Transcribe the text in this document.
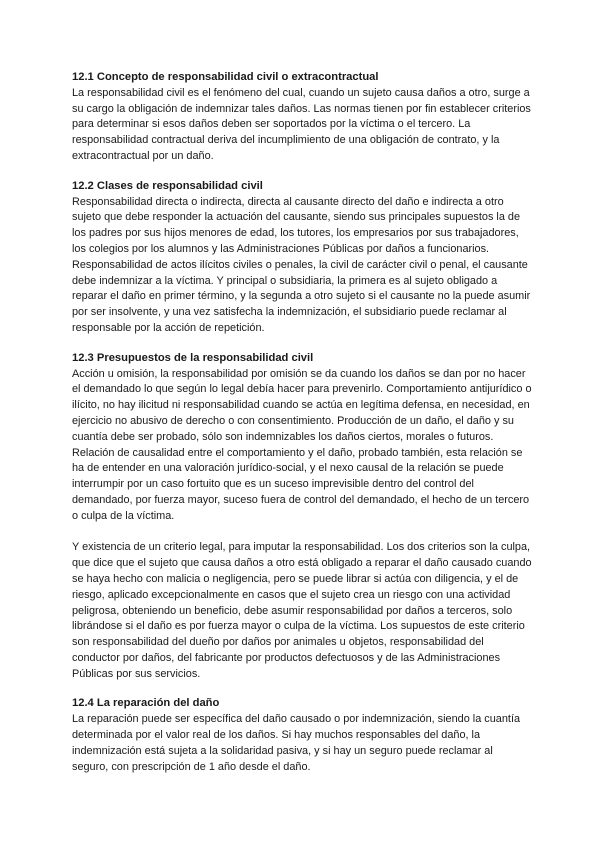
12.1 Concepto de responsabilidad civil o extracontractual

La responsabilidad civil es el fenómeno del cual, cuando un sujeto causa daños a otro, surge a su cargo la obligación de indemnizar tales daños. Las normas tienen por fin establecer criterios para determinar si esos daños deben ser soportados por la víctima o el tercero. La responsabilidad contractual deriva del incumplimiento de una obligación de contrato, y la extracontractual por un daño.

12.2 Clases de responsabilidad civil

Responsabilidad directa o indirecta, directa al causante directo del daño e indirecta a otro sujeto que debe responder la actuación del causante, siendo sus principales supuestos la de los padres por sus hijos menores de edad, los tutores, los empresarios por sus trabajadores, los colegios por los alumnos y las Administraciones Públicas por daños a funcionarios. Responsabilidad de actos ilícitos civiles o penales, la civil de carácter civil o penal, el causante debe indemnizar a la víctima. Y principal o subsidiaria, la primera es al sujeto obligado a reparar el daño en primer término, y la segunda a otro sujeto si el causante no la puede asumir por ser insolvente, y una vez satisfecha la indemnización, el subsidiario puede reclamar al responsable por la acción de repetición.

12.3 Presupuestos de la responsabilidad civil

Acción u omisión, la responsabilidad por omisión se da cuando los daños se dan por no hacer el demandado lo que según lo legal debía hacer para prevenirlo. Comportamiento antijurídico o ilícito, no hay ilicitud ni responsabilidad cuando se actúa en legítima defensa, en necesidad, en ejercicio no abusivo de derecho o con consentimiento. Producción de un daño, el daño y su cuantía debe ser probado, sólo son indemnizables los daños ciertos, morales o futuros. Relación de causalidad entre el comportamiento y el daño, probado también, esta relación se ha de entender en una valoración jurídico-social, y el nexo causal de la relación se puede interrumpir por un caso fortuito que es un suceso imprevisible dentro del control del demandado, por fuerza mayor, suceso fuera de control del demandado, el hecho de un tercero o culpa de la víctima.

Y existencia de un criterio legal, para imputar la responsabilidad. Los dos criterios son la culpa, que dice que el sujeto que causa daños a otro está obligado a reparar el daño causado cuando se haya hecho con malicia o negligencia, pero se puede librar si actúa con diligencia, y el de riesgo, aplicado excepcionalmente en casos que el sujeto crea un riesgo con una actividad peligrosa, obteniendo un beneficio, debe asumir responsabilidad por daños a terceros, solo librándose si el daño es por fuerza mayor o culpa de la víctima. Los supuestos de este criterio son responsabilidad del dueño por daños por animales u objetos, responsabilidad del conductor por daños, del fabricante por productos defectuosos y de las Administraciones Públicas por sus servicios.

12.4 La reparación del daño

La reparación puede ser específica del daño causado o por indemnización, siendo la cuantía determinada por el valor real de los daños. Si hay muchos responsables del daño, la indemnización está sujeta a la solidaridad pasiva, y si hay un seguro puede reclamar al seguro, con prescripción de 1 año desde el daño.
